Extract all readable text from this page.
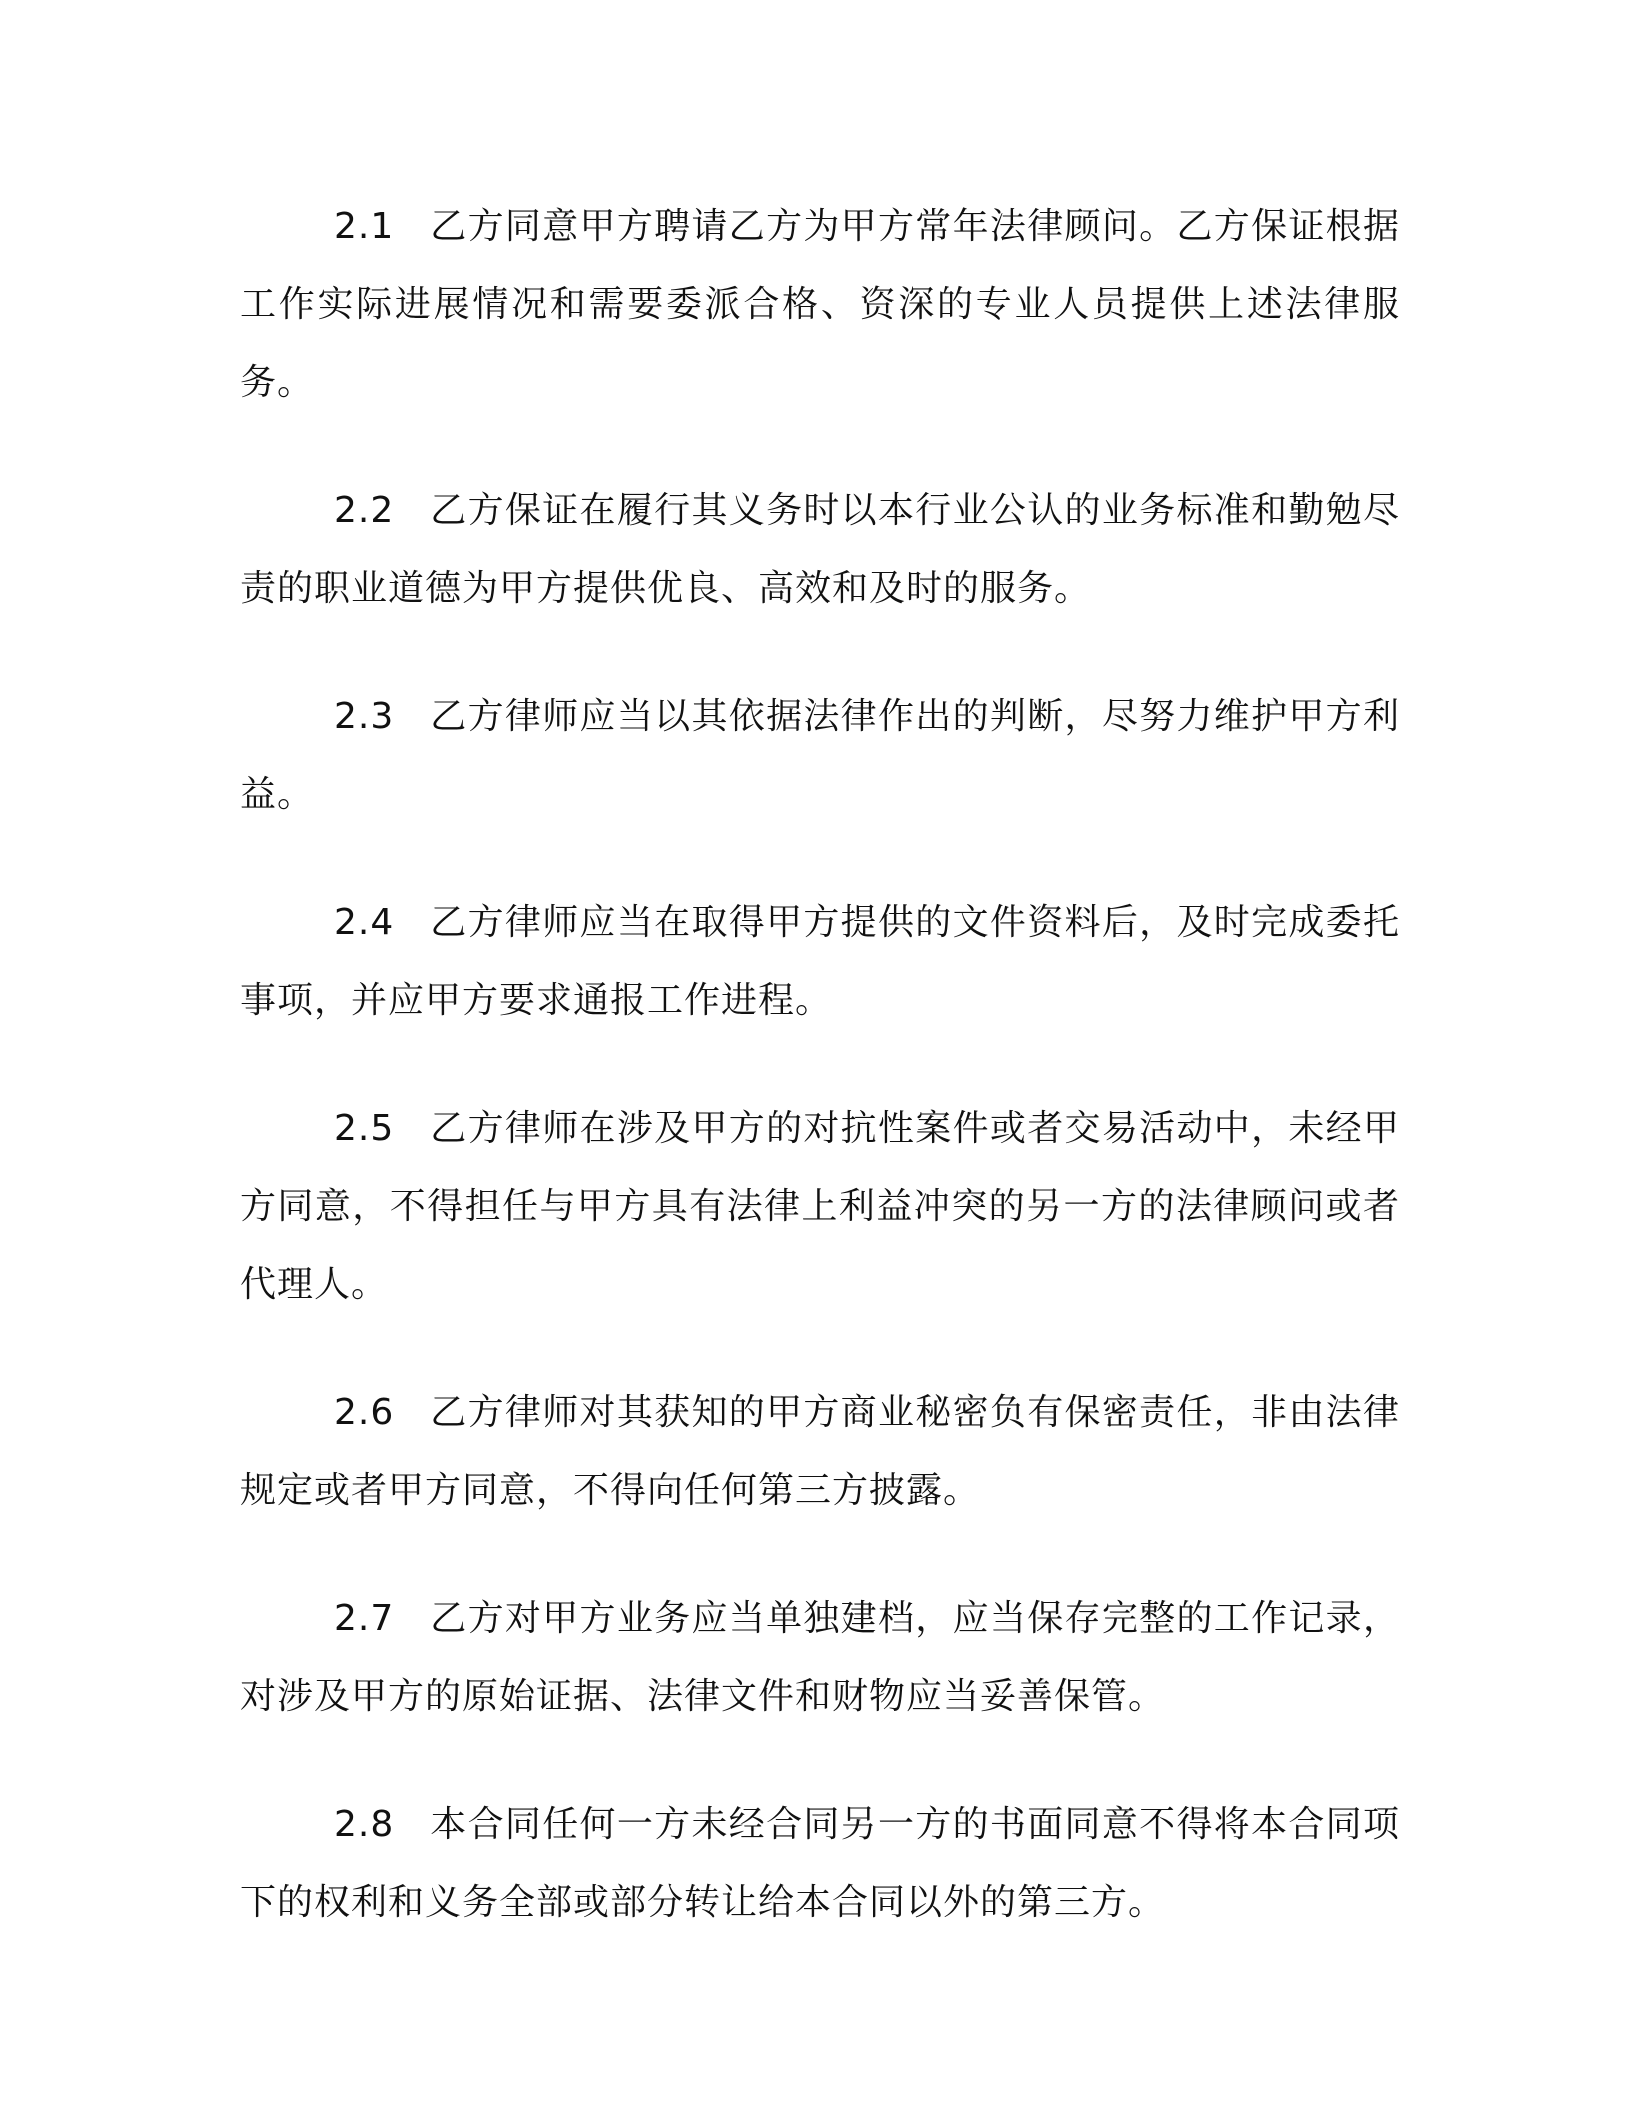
2.1 乙方同意甲方聘请乙方为甲方常年法律顾问。乙方保证根据工作实际进展情况和需要委派合格、资深的专业人员提供上述法律服务。

2.2 乙方保证在履行其义务时以本行业公认的业务标准和勤勉尽责的职业道德为甲方提供优良、高效和及时的服务。

2.3 乙方律师应当以其依据法律作出的判断，尽努力维护甲方利益。

2.4 乙方律师应当在取得甲方提供的文件资料后，及时完成委托事项，并应甲方要求通报工作进程。

2.5 乙方律师在涉及甲方的对抗性案件或者交易活动中，未经甲方同意，不得担任与甲方具有法律上利益冲突的另一方的法律顾问或者代理人。

2.6 乙方律师对其获知的甲方商业秘密负有保密责任，非由法律规定或者甲方同意，不得向任何第三方披露。

2.7 乙方对甲方业务应当单独建档，应当保存完整的工作记录，对涉及甲方的原始证据、法律文件和财物应当妥善保管。

2.8 本合同任何一方未经合同另一方的书面同意不得将本合同项下的权利和义务全部或部分转让给本合同以外的第三方。
